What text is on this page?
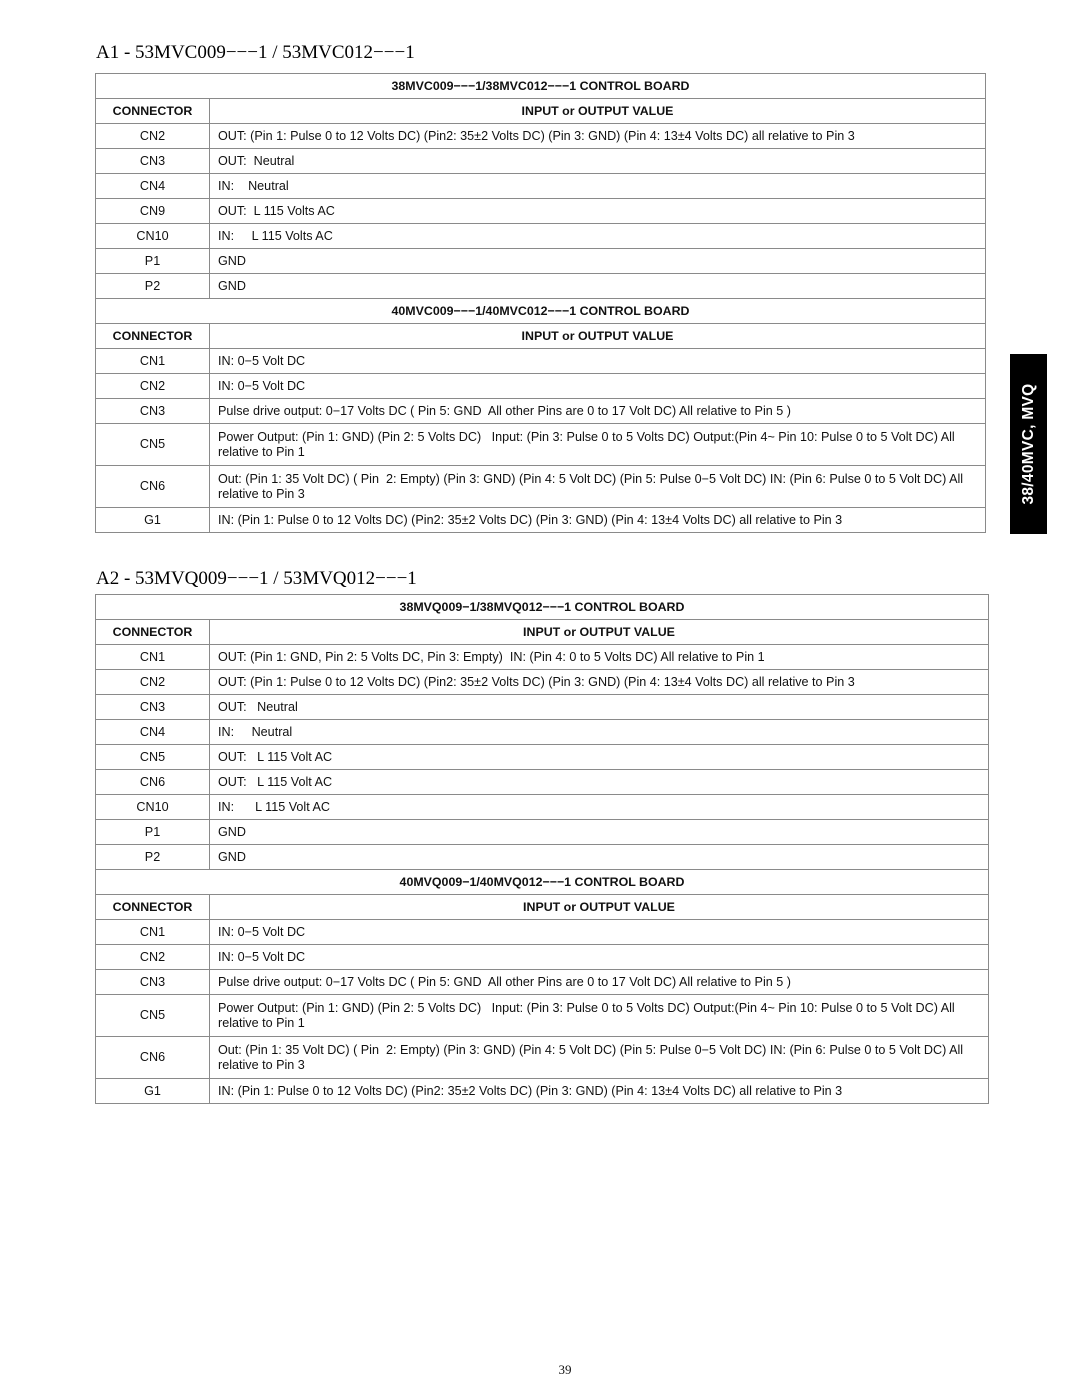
A1 - 53MVC009−−−1 / 53MVC012−−−1
38MVC009−−−1/38MVC012−−−1 CONTROL BOARD	
CONNECTOR	INPUT or OUTPUT VALUE
CN2	OUT: (Pin 1: Pulse 0 to 12 Volts DC) (Pin2: 35±2 Volts DC) (Pin 3: GND) (Pin 4: 13±4 Volts DC) all relative to Pin 3
CN3	OUT:  Neutral
CN4	IN:    Neutral
CN9	OUT:  L 115 Volts AC
CN10	IN:     L 115 Volts AC
P1	GND
P2	GND
40MVC009−−−1/40MVC012−−−1 CONTROL BOARD	
CONNECTOR	INPUT or OUTPUT VALUE
CN1	IN: 0−5 Volt DC
CN2	IN: 0−5 Volt DC
CN3	Pulse drive output: 0−17 Volts DC ( Pin 5: GND  All other Pins are 0 to 17 Volt DC) All relative to Pin 5 )
CN5	Power Output: (Pin 1: GND) (Pin 2: 5 Volts DC)   Input: (Pin 3: Pulse 0 to 5 Volts DC) Output:(Pin 4~ Pin 10: Pulse 0 to 5 Volt DC) All relative to Pin 1
CN6	Out: (Pin 1: 35 Volt DC) ( Pin  2: Empty) (Pin 3: GND) (Pin 4: 5 Volt DC) (Pin 5: Pulse 0−5 Volt DC) IN: (Pin 6: Pulse 0 to 5 Volt DC) All relative to Pin 3
G1	IN: (Pin 1: Pulse 0 to 12 Volts DC) (Pin2: 35±2 Volts DC) (Pin 3: GND) (Pin 4: 13±4 Volts DC) all relative to Pin 3
A2 - 53MVQ009−−−1 / 53MVQ012−−−1
38MVQ009−1/38MVQ012−−−1 CONTROL BOARD	
CONNECTOR	INPUT or OUTPUT VALUE
CN1	OUT: (Pin 1: GND, Pin 2: 5 Volts DC, Pin 3: Empty)  IN: (Pin 4: 0 to 5 Volts DC) All relative to Pin 1
CN2	OUT: (Pin 1: Pulse 0 to 12 Volts DC) (Pin2: 35±2 Volts DC) (Pin 3: GND) (Pin 4: 13±4 Volts DC) all relative to Pin 3
CN3	OUT:   Neutral
CN4	IN:     Neutral
CN5	OUT:   L 115 Volt AC
CN6	OUT:   L 115 Volt AC
CN10	IN:      L 115 Volt AC
P1	GND
P2	GND
40MVQ009−1/40MVQ012−−−1 CONTROL BOARD	
CONNECTOR	INPUT or OUTPUT VALUE
CN1	IN: 0−5 Volt DC
CN2	IN: 0−5 Volt DC
CN3	Pulse drive output: 0−17 Volts DC ( Pin 5: GND  All other Pins are 0 to 17 Volt DC) All relative to Pin 5 )
CN5	Power Output: (Pin 1: GND) (Pin 2: 5 Volts DC)   Input: (Pin 3: Pulse 0 to 5 Volts DC) Output:(Pin 4~ Pin 10: Pulse 0 to 5 Volt DC) All relative to Pin 1
CN6	Out: (Pin 1: 35 Volt DC) ( Pin  2: Empty) (Pin 3: GND) (Pin 4: 5 Volt DC) (Pin 5: Pulse 0−5 Volt DC) IN: (Pin 6: Pulse 0 to 5 Volt DC) All relative to Pin 3
G1	IN: (Pin 1: Pulse 0 to 12 Volts DC) (Pin2: 35±2 Volts DC) (Pin 3: GND) (Pin 4: 13±4 Volts DC) all relative to Pin 3
38/40MVC, MVQ
39
